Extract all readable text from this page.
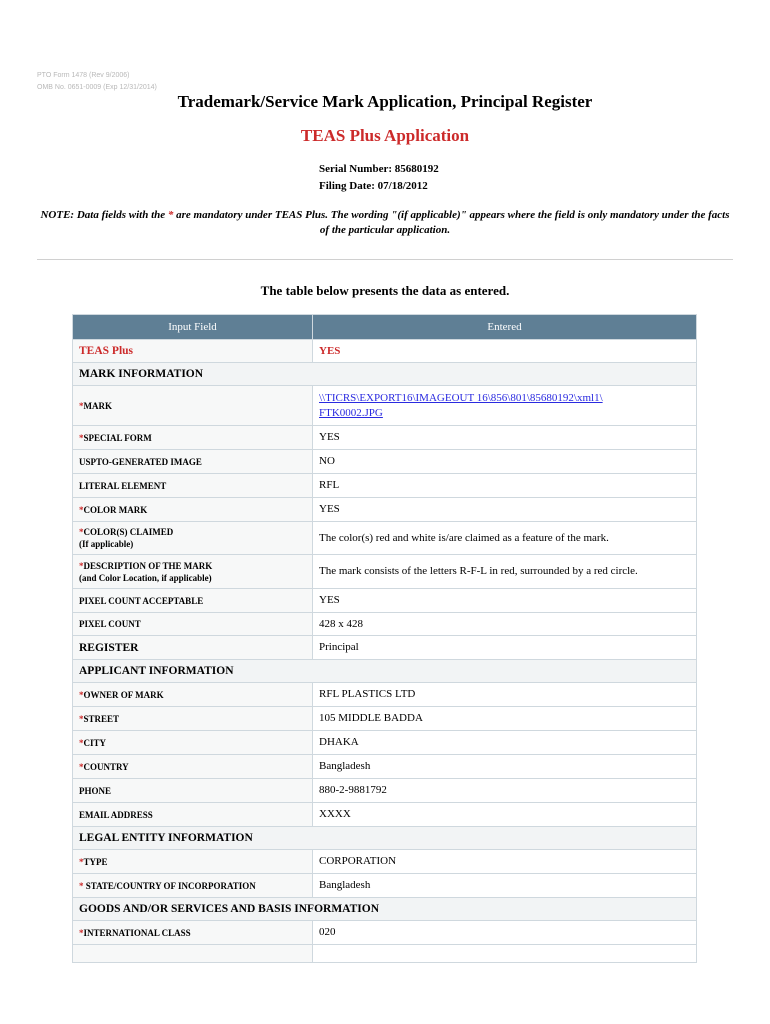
PTO Form 1478 (Rev 9/2006)
OMB No. 0651-0009 (Exp 12/31/2014)
Trademark/Service Mark Application, Principal Register
TEAS Plus Application
Serial Number: 85680192
Filing Date: 07/18/2012
NOTE: Data fields with the * are mandatory under TEAS Plus. The wording "(if applicable)" appears where the field is only mandatory under the facts of the particular application.
The table below presents the data as entered.
Input Field	Entered
TEAS Plus	YES
MARK INFORMATION	
*MARK	\\TICRS\EXPORT16\IMAGEOUT 16\856\801\85680192\xml1\
FTK0002.JPG
*SPECIAL FORM	YES
USPTO-GENERATED IMAGE	NO
LITERAL ELEMENT	RFL
*COLOR MARK	YES
*COLOR(S) CLAIMED
(If applicable)	The color(s) red and white is/are claimed as a feature of the mark.
*DESCRIPTION OF THE MARK
(and Color Location, if applicable)	The mark consists of the letters R-F-L in red, surrounded by a red circle.
PIXEL COUNT ACCEPTABLE	YES
PIXEL COUNT	428 x 428
REGISTER	Principal
APPLICANT INFORMATION	
*OWNER OF MARK	RFL PLASTICS LTD
*STREET	105 MIDDLE BADDA
*CITY	DHAKA
*COUNTRY	Bangladesh
PHONE	880-2-9881792
EMAIL ADDRESS	XXXX
LEGAL ENTITY INFORMATION	
*TYPE	CORPORATION
* STATE/COUNTRY OF INCORPORATION	Bangladesh
GOODS AND/OR SERVICES AND BASIS INFORMATION	
*INTERNATIONAL CLASS	020
